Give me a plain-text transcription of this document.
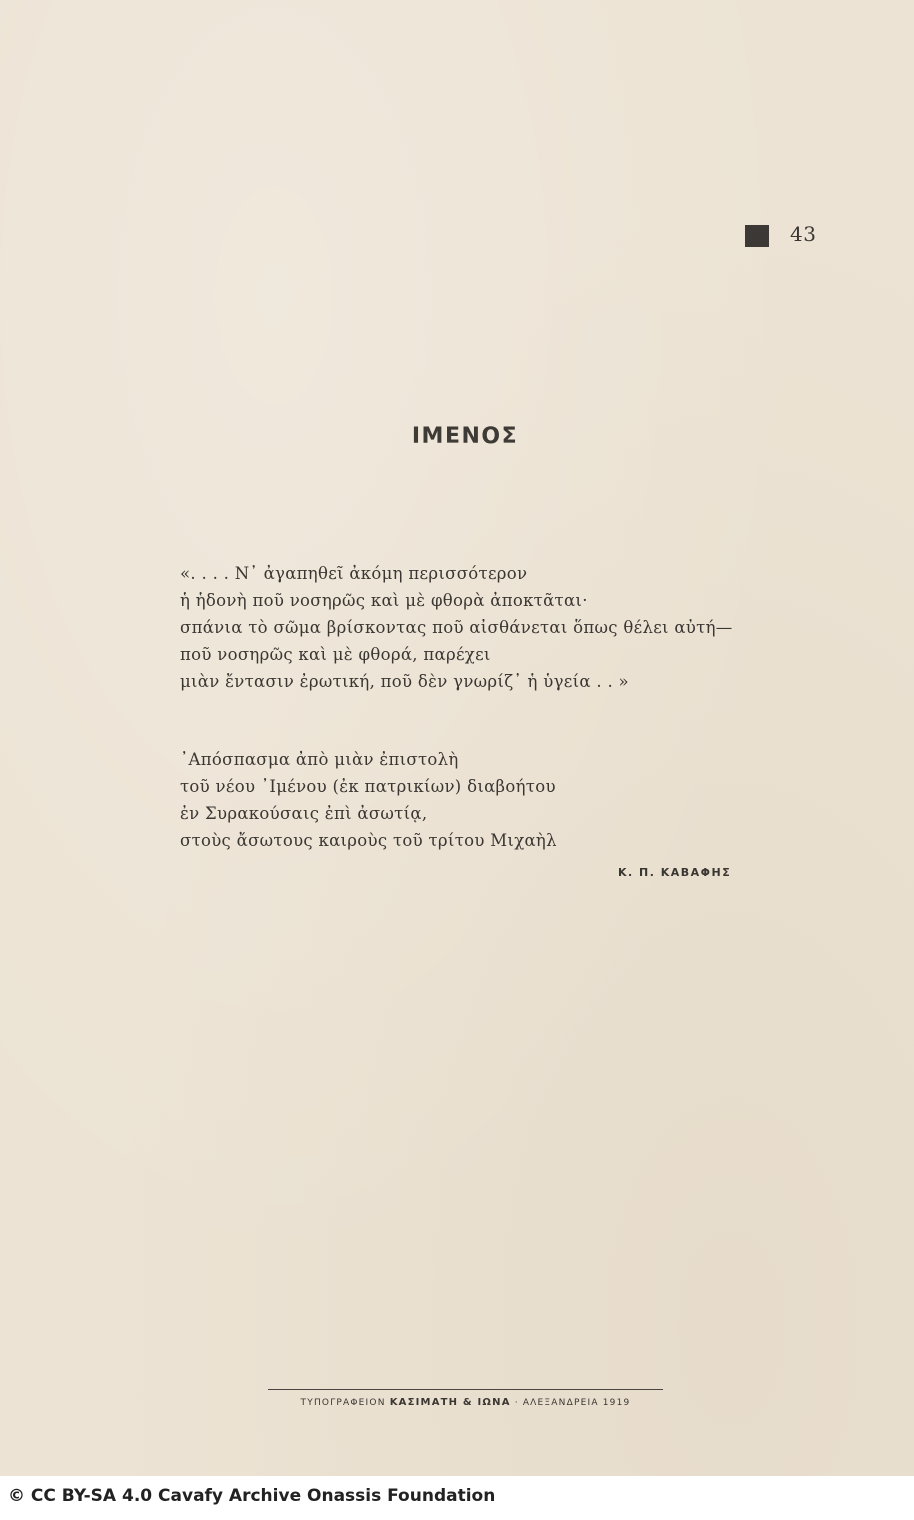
43
ΙΜΕΝΟΣ
«. . . . Ν᾿ ἀγαπηθεῖ ἀκόμη περισσότερον
ἡ ἡδονὴ ποῦ νοσηρῶς καὶ μὲ φθορὰ ἀποκτᾶται·
σπάνια τὸ σῶμα βρίσκοντας ποῦ αἰσθάνεται ὅπως θέλει αὐτή—
ποῦ νοσηρῶς καὶ μὲ φθορά, παρέχει
μιὰν ἔντασιν ἐρωτική, ποῦ δὲν γνωρίζ᾿ ἡ ὑγεία . . »
᾿Απόσπασμα ἀπὸ μιὰν ἐπιστολὴ
τοῦ νέου ᾿Ιμένου (ἐκ πατρικίων) διαβοήτου
ἐν Συρακούσαις ἐπὶ ἀσωτίᾳ,
στοὺς ἄσωτους καιροὺς τοῦ τρίτου Μιχαὴλ
Κ. Π. ΚΑΒΑΦΗΣ
ΤΥΠΟΓΡΑΦΕΙΟΝ ΚΑΣΙΜΑΤΗ & ΙΩΝΑ · ΑΛΕΞΑΝΔΡΕΙΑ 1919
© CC BY-SA 4.0 Cavafy Archive Onassis Foundation
